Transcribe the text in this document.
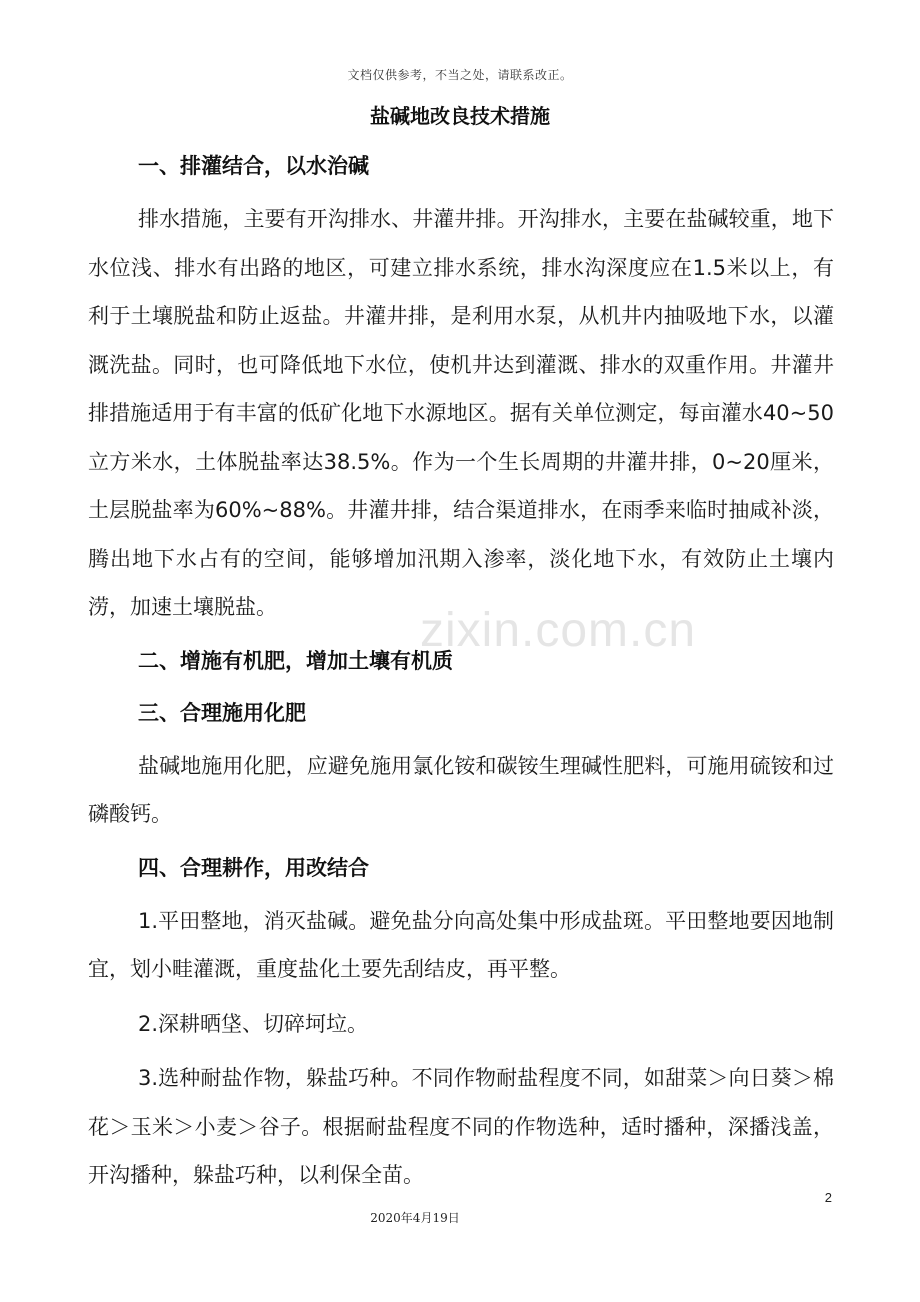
文档仅供参考，不当之处，请联系改正。
盐碱地改良技术措施
一、排灌结合，以水治碱

排水措施，主要有开沟排水、井灌井排。开沟排水，主要在盐碱较重，地下水位浅、排水有出路的地区，可建立排水系统，排水沟深度应在1.5米以上，有利于土壤脱盐和防止返盐。井灌井排，是利用水泵，从机井内抽吸地下水，以灌溉洗盐。同时，也可降低地下水位，使机井达到灌溉、排水的双重作用。井灌井排措施适用于有丰富的低矿化地下水源地区。据有关单位测定，每亩灌水40~50立方米水，土体脱盐率达38.5%。作为一个生长周期的井灌井排，0~20厘米，土层脱盐率为60%~88%。井灌井排，结合渠道排水，在雨季来临时抽咸补淡，腾出地下水占有的空间，能够增加汛期入渗率，淡化地下水，有效防止土壤内涝，加速土壤脱盐。

二、增施有机肥，增加土壤有机质
三、合理施用化肥

盐碱地施用化肥，应避免施用氯化铵和碳铵生理碱性肥料，可施用硫铵和过磷酸钙。

四、合理耕作，用改结合

1.平田整地，消灭盐碱。避免盐分向高处集中形成盐斑。平田整地要因地制宜，划小畦灌溉，重度盐化土要先刮结皮，再平整。

2.深耕晒垡、切碎坷垃。

3.选种耐盐作物，躲盐巧种。不同作物耐盐程度不同，如甜菜＞向日葵＞棉花＞玉米＞小麦＞谷子。根据耐盐程度不同的作物选种，适时播种，深播浅盖，开沟播种，躲盐巧种，以利保全苗。

zixin.com.cn
2
2020年4月19日
